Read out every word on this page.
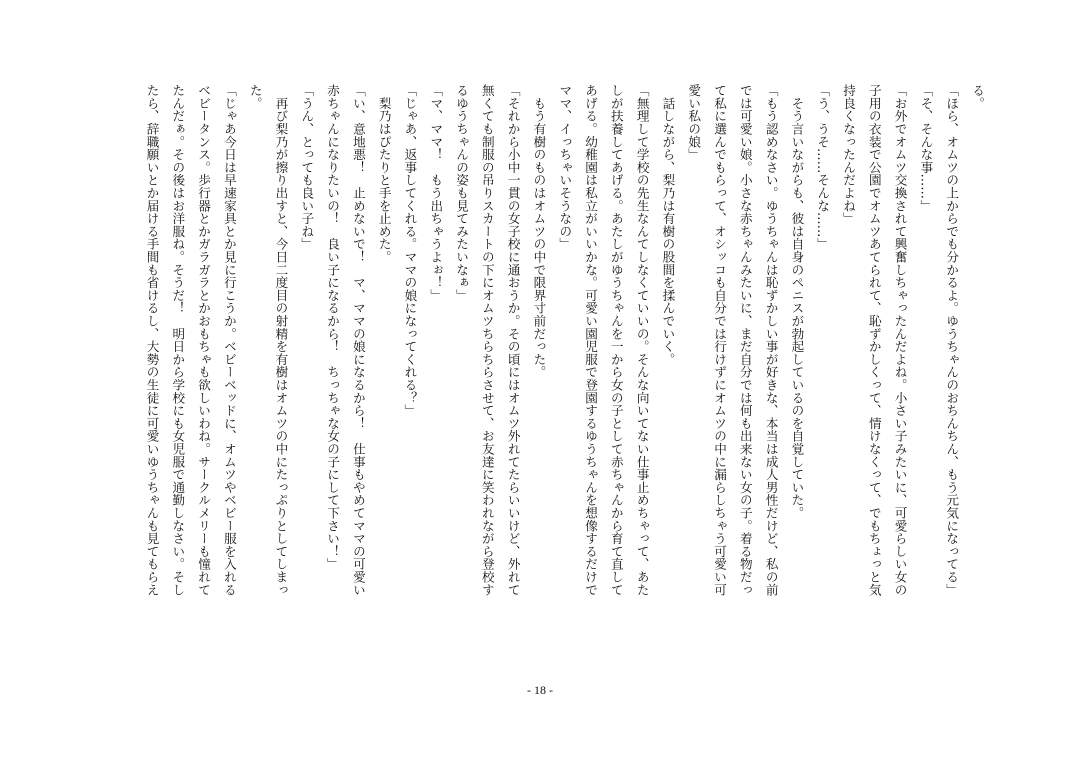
る。

「ほら、オムツの上からでも分かるよ。ゆうちゃんのおちんちん、もう元気になってる」

「そ、そんな事……」

「お外でオムツ交換されて興奮しちゃったんだよね。小さい子みたいに、可愛らしい女の

子用の衣装で公園でオムツあてられて、恥ずかしくって、情けなくって、でもちょっと気

持良くなったんだよね」

「う、うそ……そんな……」

　そう言いながらも、彼は自身のペニスが勃起しているのを自覚していた。

「もう認めなさい。ゆうちゃんは恥ずかしい事が好きな、本当は成人男性だけど、私の前

では可愛い娘。小さな赤ちゃんみたいに、まだ自分では何も出来ない女の子。着る物だっ

て私に選んでもらって、オシッコも自分では行けずにオムツの中に漏らしちゃう可愛い可

愛い私の娘」

　話しながら、梨乃は有樹の股間を揉んでいく。

「無理して学校の先生なんてしなくていいの。そんな向いてない仕事止めちゃって、あた

しが扶養してあげる。あたしがゆうちゃんを一から女の子として赤ちゃんから育て直して

あげる。幼稚園は私立がいいかな。可愛い園児服で登園するゆうちゃんを想像するだけで

ママ、イっちゃいそうなの」

　もう有樹のものはオムツの中で限界寸前だった。

「それから小中一貫の女子校に通おうか。その頃にはオムツ外れてたらいいけど、外れて

無くても制服の吊りスカートの下にオムツちらちらさせて、お友達に笑われながら登校す

るゆうちゃんの姿も見てみたいなぁ」

「マ、ママ！　もう出ちゃうよぉ！」

「じゃあ、返事してくれる。ママの娘になってくれる？」

　梨乃はぴたりと手を止めた。

「い、意地悪！　止めないで！　マ、ママの娘になるから！　仕事もやめてママの可愛い

赤ちゃんになりたいの！　良い子になるから！　ちっちゃな女の子にして下さい！」

「うん、とっても良い子ね」

　再び梨乃が擦り出すと、今日二度目の射精を有樹はオムツの中にたっぷりとしてしまっ

た。

「じゃあ今日は早速家具とか見に行こうか。ベビーベッドに、オムツやベビー服を入れる

ベビータンス。歩行器とかガラガラとかおもちゃも欲しいわね。サークルメリーも憧れて

たんだぁ。その後はお洋服ね。そうだ！　明日から学校にも女児服で通勤しなさい。そし

たら、辞職願いとか届ける手間も省けるし、大勢の生徒に可愛いゆうちゃんも見てもらえ

- 18 -
